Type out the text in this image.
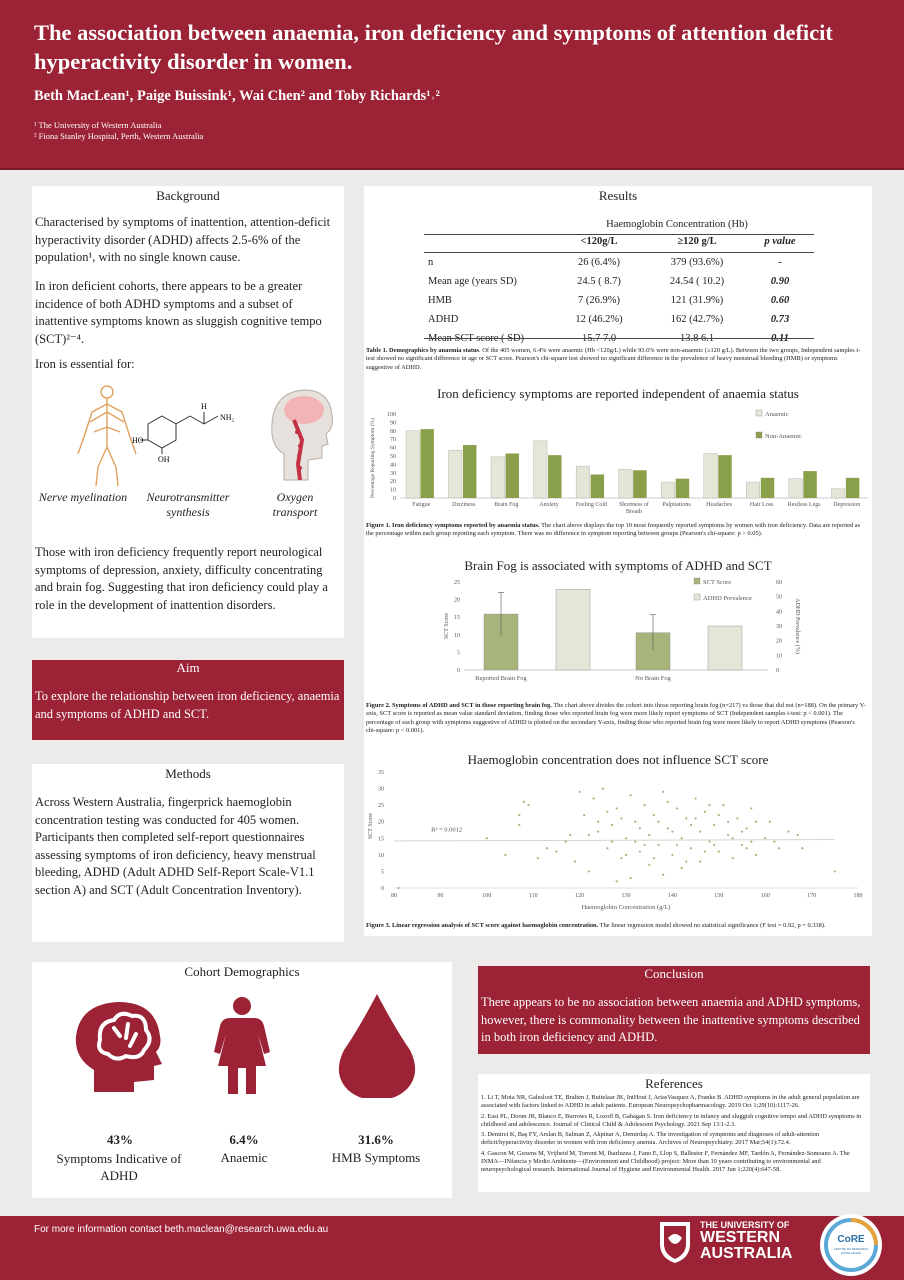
The association between anaemia, iron deficiency and symptoms of attention deficit hyperactivity disorder in women.
Beth MacLean¹, Paige Buissink¹, Wai Chen² and Toby Richards¹˒²
¹ The University of Western Australia
² Fiona Stanley Hospital, Perth, Western Australia
Background
Characterised by symptoms of inattention, attention-deficit hyperactivity disorder (ADHD) affects 2.5-6% of the population¹, with no single known cause.
In iron deficient cohorts, there appears to be a greater incidence of both ADHD symptoms and a subset of inattentive symptoms known as sluggish cognitive tempo (SCT)²⁻⁴.
Iron is essential for:
HO
OH
H
NH₂
Nerve myelination	Neurotransmitter synthesis
Oxygen transport
Those with iron deficiency frequently report neurological symptoms of depression, anxiety, difficulty concentrating and brain fog. Suggesting that iron deficiency could play a role in the development of inattention disorders.
Aim
To explore the relationship between iron deficiency, anaemia and symptoms of ADHD and SCT.
Methods
Across Western Australia, fingerprick haemoglobin concentration testing was conducted for 405 women. Participants then completed self-report questionnaires assessing symptoms of iron deficiency, heavy menstrual bleeding, ADHD (Adult ADHD Self-Report Scale-V1.1 section A) and SCT (Adult Concentration Inventory).
Cohort Demographics
43%
Symptoms Indicative of ADHD
6.4%
Anaemic
31.6%
HMB Symptoms
Results
Haemoglobin Concentration (Hb)
	<120g/L	≥120 g/L	p value
n	26 (6.4%)	379 (93.6%)	-
Mean age (years SD)	24.5 ( 8.7)	24.54 ( 10.2)	0.90
HMB	7 (26.9%)	121 (31.9%)	0.60
ADHD	12 (46.2%)	162 (42.7%)	0.73
Mean SCT score ( SD)	15.7 7.0	13.8 6.1	0.11
Table 1. Demographics by anaemia status. Of the 405 women, 6.4% were anaemic (Hb <120g/L) while 93.6% were non-anaemic (≥120 g/L). Between the two groups, Independent samples t-test showed no significant difference in age or SCT score. Pearson's chi-square test showed no significant difference in the prevalence of heavy menstrual bleeding (HMB) or symptoms suggestive of ADHD.
Iron deficiency symptoms are reported independent of anaemia status
0
10
20
30
40
50
60
70
80
90
100
Percentage Reporting Symptom (%)
Fatigue	Dizziness	Brain Fog	Anxiety	Feeling Cold Shortness of
Breath
Palpitations	Headaches	Hair Loss Restless Legs Depression
Anaemic
Non-Anaemic
Figure 1. Iron deficiency symptoms reported by anaemia status. The chart above displays the top 10 most frequently reported symptoms by women with iron deficiency. Data are reported as the percentage within each group reporting each symptom. There was no difference in symptom reporting between groups (Pearson's chi-square: p > 0.05).
Brain Fog is associated with symptoms of ADHD and SCT
0
5
10
15
20
25
0
10
20
30
40
50
60
SCT Score	ADHD Prevalence (%)
Reported Brain Fog	No Brain Fog
SCT Score
ADHD Prevalence
Figure 2. Symptoms of ADHD and SCT in those reporting brain fog. The chart above divides the cohort into those reporting brain fog (n=217) vs those that did not (n=188). On the primary Y-axis, SCT score is reported as mean value standard deviation, finding those who reported brain fog were more likely report symptoms of SCT (Independent samples t-test: p < 0.001). The percentage of each group with symptoms suggestive of ADHD is plotted on the secondary Y-axis, finding those who reported brain fog were more likely to report ADHD symptoms (Pearson's chi-square: p < 0.001).
Haemoglobin concentration does not influence SCT score
0
5
10
15
20
25
30
35
80	90	100	110	120	130	140	150	160	170	180
SCT Score
Haemoglobin Concentration (g/L)
R² = 0.0012
Figure 3. Linear regression analysis of SCT score against haemoglobin concentration. The linear regression model showed no statistical significance (F test = 0.92, p = 0.338).
Conclusion
There appears to be no association between anaemia and ADHD symptoms, however, there is commonality between the inattentive symptoms described in both iron deficiency and ADHD.
References
1. Li T, Mota NR, Galesloot TE, Bralten J, Buitelaar JK, IntHout J, AriasVasquez A, Franke B. ADHD symptoms in the adult general population are associated with factors linked to ADHD in adult patients. European Neuropsychopharmacology. 2019 Oct 1;29(10):1117-26.
2. East PL, Doom JR, Blanco E, Burrows R, Lozoff B, Gahagan S. Iron deficiency in infancy and sluggish cognitive tempo and ADHD symptoms in childhood and adolescence. Journal of Clinical Child & Adolescent Psychology. 2021 Sep 13:1-2.3.
3. Demirci K, Baş FY, Arslan B, Salman Z, Akpinar A, Demirdaş A. The investigation of symptoms and diagnoses of adult-attention deficit/hyperactivity disorder in women with iron deficiency anemia. Archives of Neuropsychiatry. 2017 Mar;54(1):72.4.
4. Gascon M, Guxens M, Vrijheid M, Torrent M, Ibarluzea J, Fano E, Llop S, Ballester F, Fernández MF, Tardón A, Fernández-Somoano A. The INMA—INfancia y Medio Ambiente—(Environment and Childhood) project: More than 10 years contributing to environmental and neuropsychological research. International Journal of Hygiene and Environmental Health. 2017 Jun 1;220(4):647-58.
For more information contact beth.maclean@research.uwa.edu.au	THE UNIVERSITY OF
WESTERN
AUSTRALIA
CoRE
CENTRE OF RESEARCH EXCELLENCE
